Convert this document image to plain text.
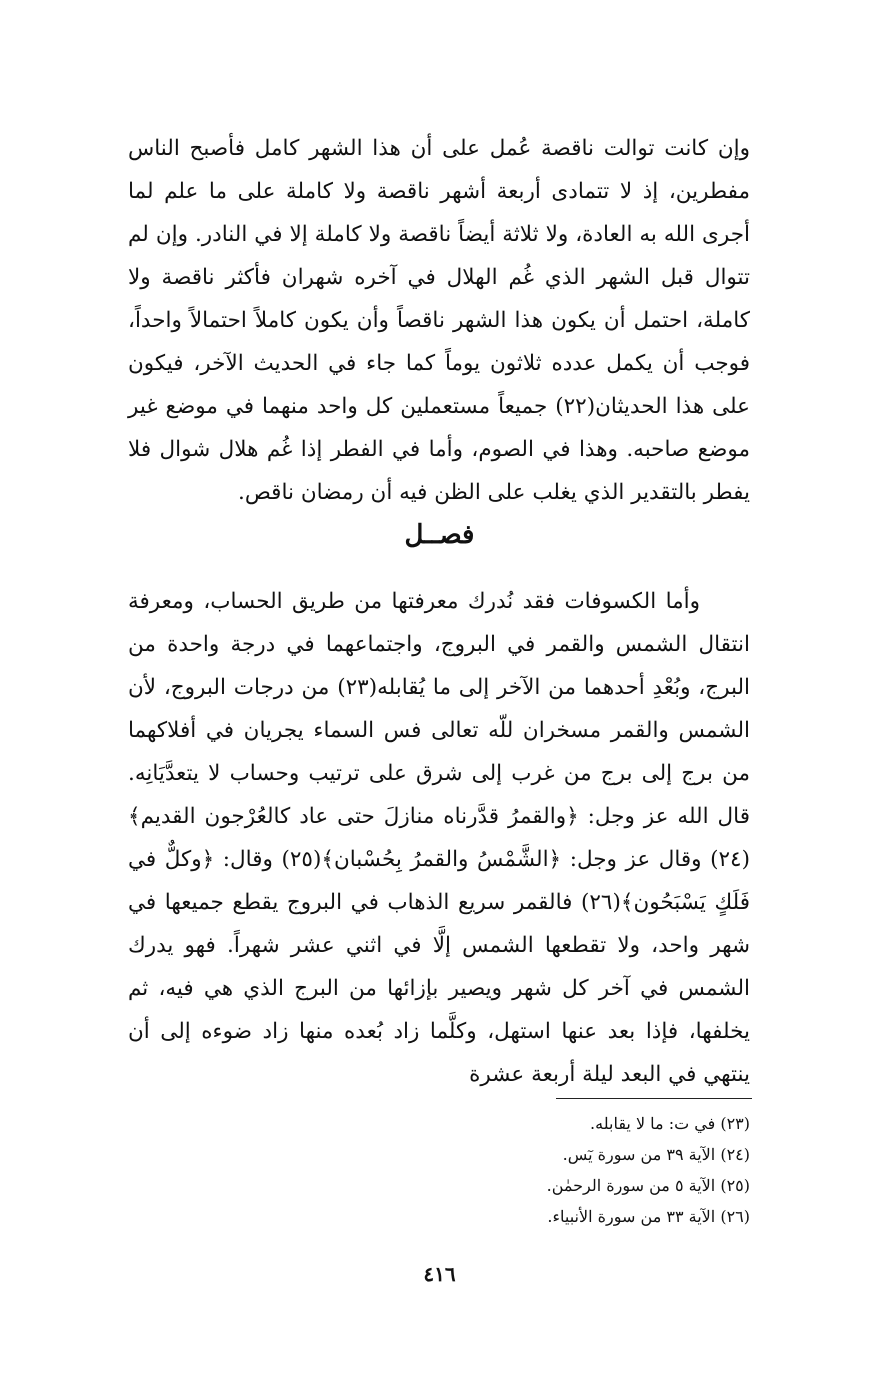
وإن كانت توالت ناقصة عُمل على أن هذا الشهر كامل فأصبح الناس مفطرين، إذ لا تتمادى أربعة أشهر ناقصة ولا كاملة على ما علم لما أجرى الله به العادة، ولا ثلاثة أيضاً ناقصة ولا كاملة إلا في النادر. وإن لم تتوال قبل الشهر الذي غُم الهلال في آخره شهران فأكثر ناقصة ولا كاملة، احتمل أن يكون هذا الشهر ناقصاً وأن يكون كاملاً احتمالاً واحداً، فوجب أن يكمل عدده ثلاثون يوماً كما جاء في الحديث الآخر، فيكون على هذا الحديثان(٢٢) جميعاً مستعملين كل واحد منهما في موضع غير موضع صاحبه. وهذا في الصوم، وأما في الفطر إذا غُم هلال شوال فلا يفطر بالتقدير الذي يغلب على الظن فيه أن رمضان ناقص.

فصــل

وأما الكسوفات فقد نُدرك معرفتها من طريق الحساب، ومعرفة انتقال الشمس والقمر في البروج، واجتماعهما في درجة واحدة من البرج، وبُعْدِ أحدهما من الآخر إلى ما يُقابله(٢٣) من درجات البروج، لأن الشمس والقمر مسخران للّه تعالى فس السماء يجريان في أفلاكهما من برج إلى برج من غرب إلى شرق على ترتيب وحساب لا يتعدَّيَانِه. قال الله عز وجل: ﴿والقمرُ قدَّرناه منازلَ حتى عاد كالعُرْجون القديم﴾(٢٤) وقال عز وجل: ﴿الشَّمْسُ والقمرُ بِحُسْبان﴾(٢٥) وقال: ﴿وكلٌّ في فَلَكٍ يَسْبَحُون﴾(٢٦) فالقمر سريع الذهاب في البروج يقطع جميعها في شهر واحد، ولا تقطعها الشمس إلَّا في اثني عشر شهراً. فهو يدرك الشمس في آخر كل شهر ويصير بإزائها من البرج الذي هي فيه، ثم يخلفها، فإذا بعد عنها استهل، وكلَّما زاد بُعده منها زاد ضوءه إلى أن ينتهي في البعد ليلة أربعة عشرة

(٢٣) في ت: ما لا يقابله.
(٢٤) الآية ٣٩ من سورة يٓس.
(٢٥) الآية ٥ من سورة الرحمٰن.
(٢٦) الآية ٣٣ من سورة الأنبياء.
٤١٦
